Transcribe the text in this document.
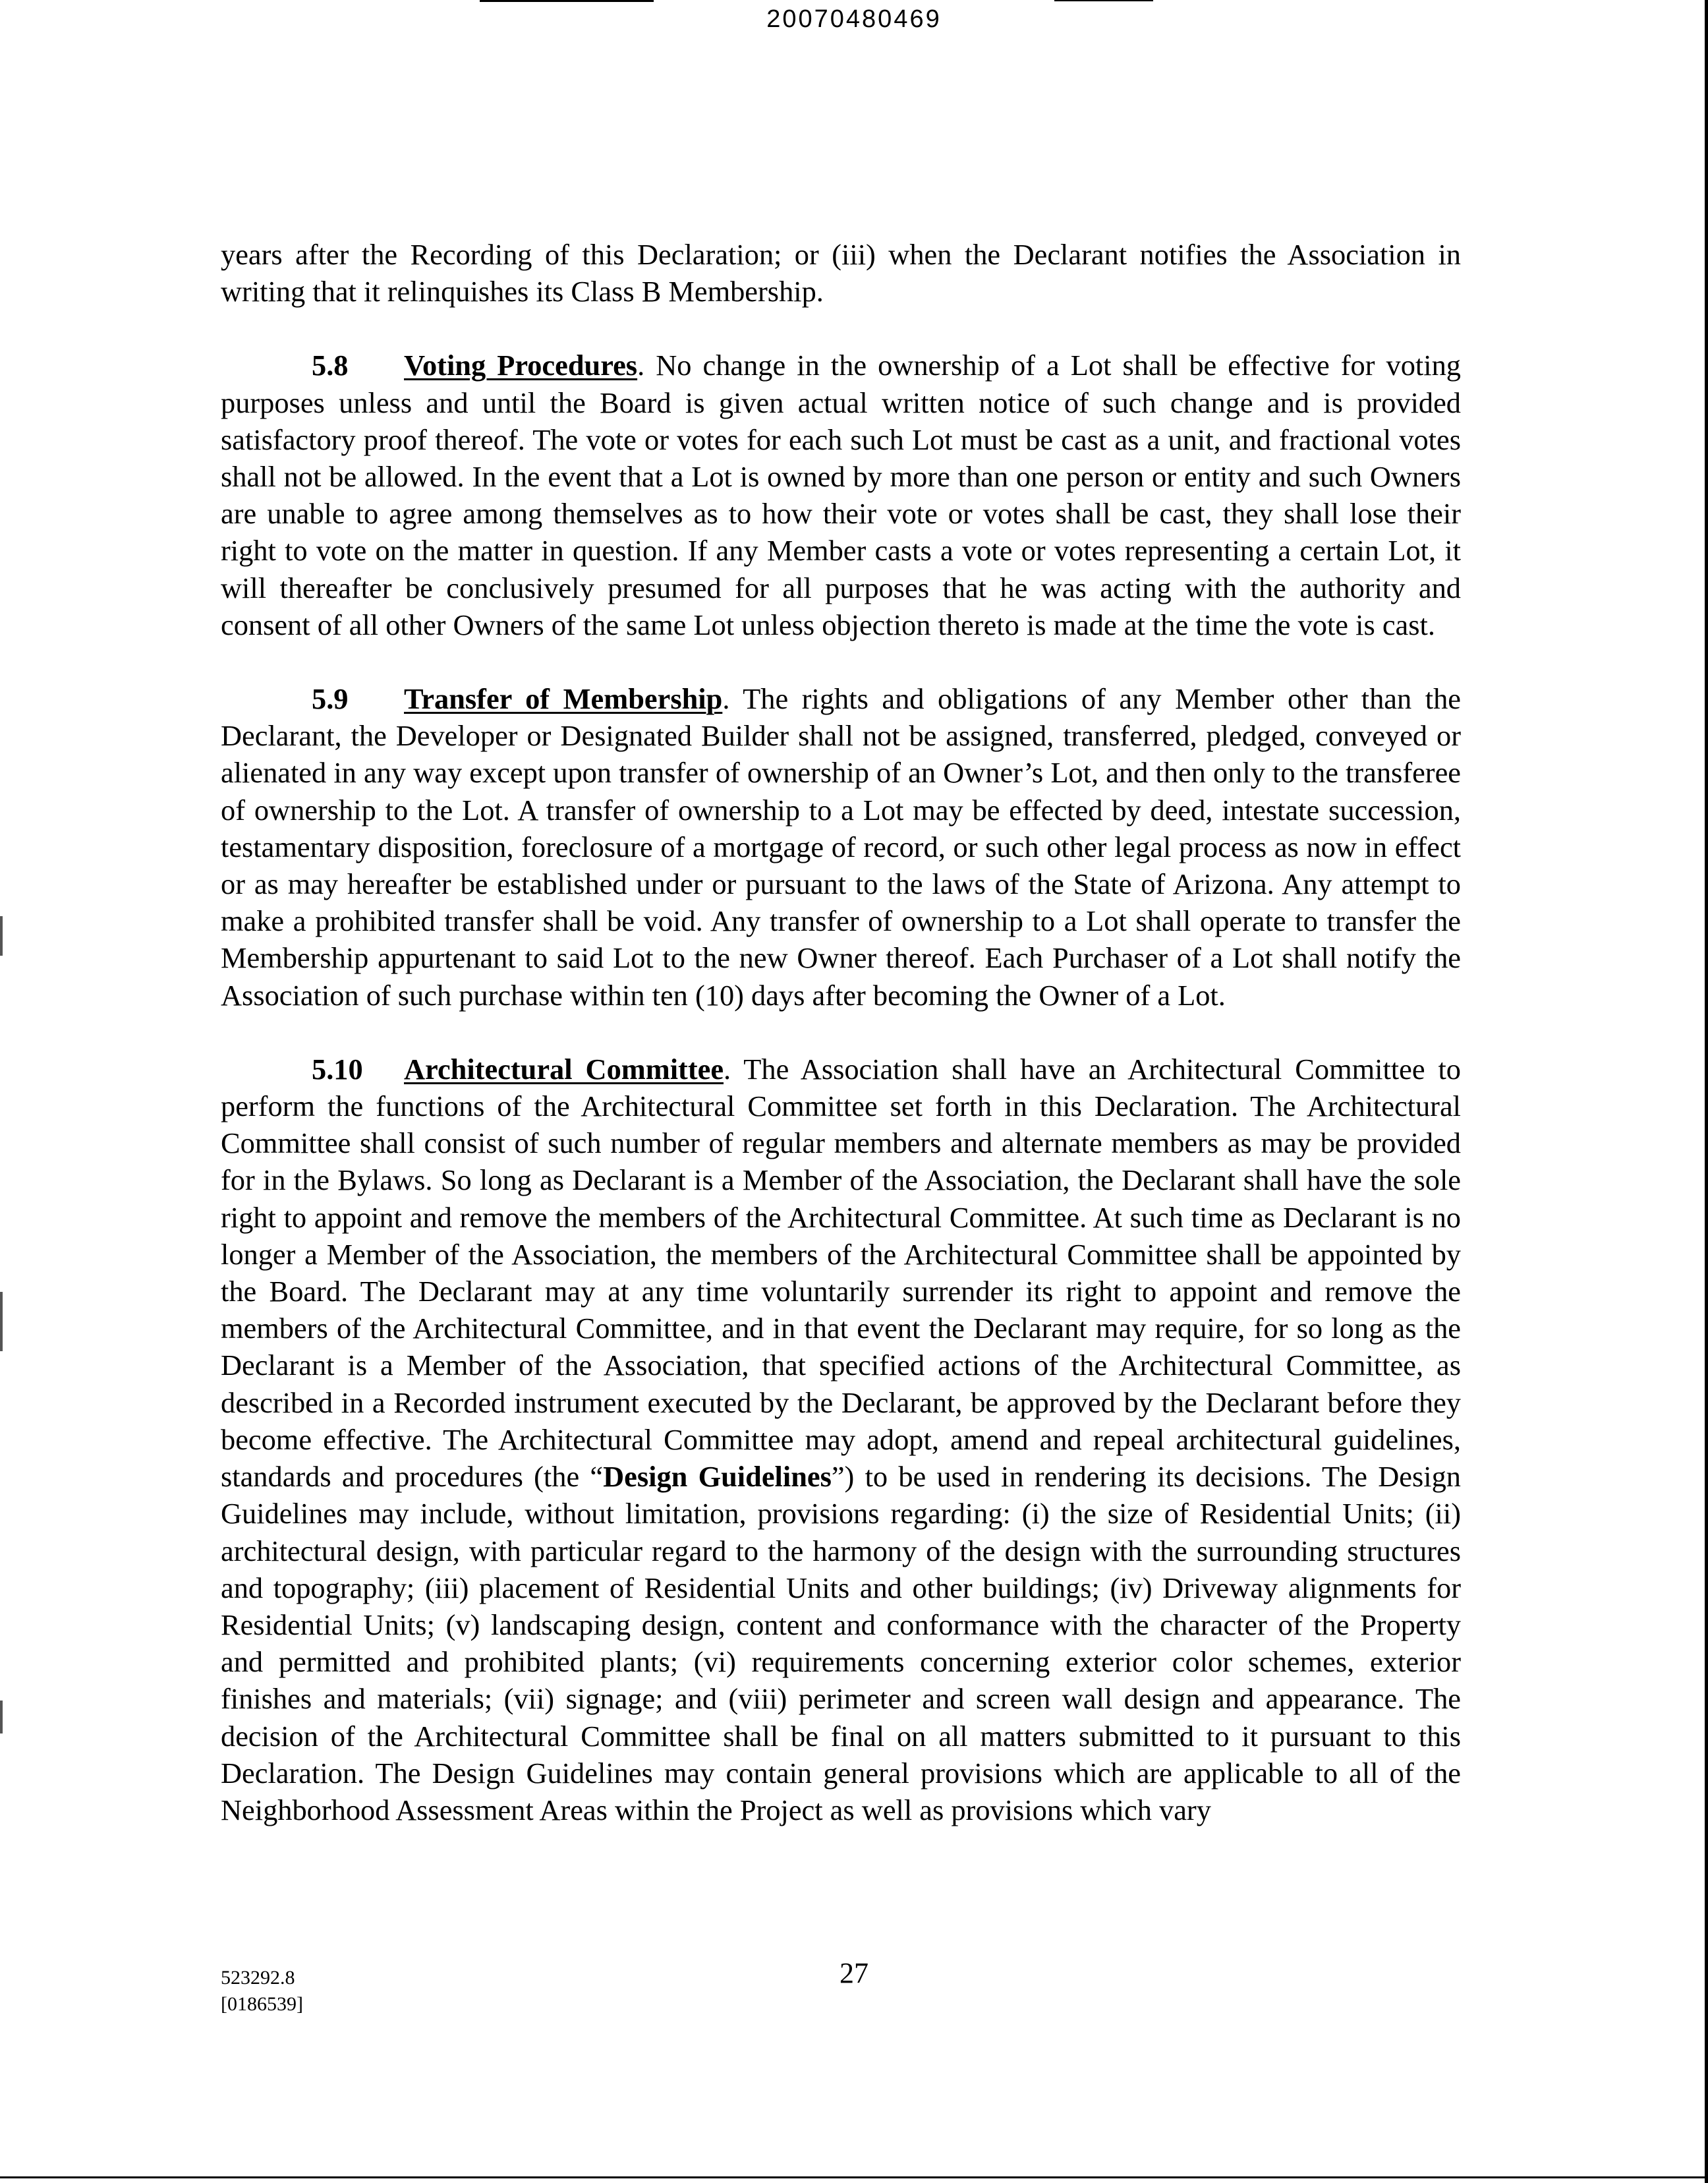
20070480469

years after the Recording of this Declaration; or (iii) when the Declarant notifies the Association in writing that it relinquishes its Class B Membership.

5.8 Voting Procedures. No change in the ownership of a Lot shall be effective for voting purposes unless and until the Board is given actual written notice of such change and is provided satisfactory proof thereof. The vote or votes for each such Lot must be cast as a unit, and fractional votes shall not be allowed. In the event that a Lot is owned by more than one person or entity and such Owners are unable to agree among themselves as to how their vote or votes shall be cast, they shall lose their right to vote on the matter in question. If any Member casts a vote or votes representing a certain Lot, it will thereafter be conclusively presumed for all purposes that he was acting with the authority and consent of all other Owners of the same Lot unless objection thereto is made at the time the vote is cast.

5.9 Transfer of Membership. The rights and obligations of any Member other than the Declarant, the Developer or Designated Builder shall not be assigned, transferred, pledged, conveyed or alienated in any way except upon transfer of ownership of an Owner’s Lot, and then only to the transferee of ownership to the Lot. A transfer of ownership to a Lot may be effected by deed, intestate succession, testamentary disposition, foreclosure of a mortgage of record, or such other legal process as now in effect or as may hereafter be established under or pursuant to the laws of the State of Arizona. Any attempt to make a prohibited transfer shall be void. Any transfer of ownership to a Lot shall operate to transfer the Membership appurtenant to said Lot to the new Owner thereof. Each Purchaser of a Lot shall notify the Association of such purchase within ten (10) days after becoming the Owner of a Lot.

5.10 Architectural Committee. The Association shall have an Architectural Committee to perform the functions of the Architectural Committee set forth in this Declaration. The Architectural Committee shall consist of such number of regular members and alternate members as may be provided for in the Bylaws. So long as Declarant is a Member of the Association, the Declarant shall have the sole right to appoint and remove the members of the Architectural Committee. At such time as Declarant is no longer a Member of the Association, the members of the Architectural Committee shall be appointed by the Board. The Declarant may at any time voluntarily surrender its right to appoint and remove the members of the Architectural Committee, and in that event the Declarant may require, for so long as the Declarant is a Member of the Association, that specified actions of the Architectural Committee, as described in a Recorded instrument executed by the Declarant, be approved by the Declarant before they become effective. The Architectural Committee may adopt, amend and repeal architectural guidelines, standards and procedures (the “Design Guidelines”) to be used in rendering its decisions. The Design Guidelines may include, without limitation, provisions regarding: (i) the size of Residential Units; (ii) architectural design, with particular regard to the harmony of the design with the surrounding structures and topography; (iii) placement of Residential Units and other buildings; (iv) Driveway alignments for Residential Units; (v) landscaping design, content and conformance with the character of the Property and permitted and prohibited plants; (vi) requirements concerning exterior color schemes, exterior finishes and materials; (vii) signage; and (viii) perimeter and screen wall design and appearance. The decision of the Architectural Committee shall be final on all matters submitted to it pursuant to this Declaration. The Design Guidelines may contain general provisions which are applicable to all of the Neighborhood Assessment Areas within the Project as well as provisions which vary

523292.8
[0186539]
27
